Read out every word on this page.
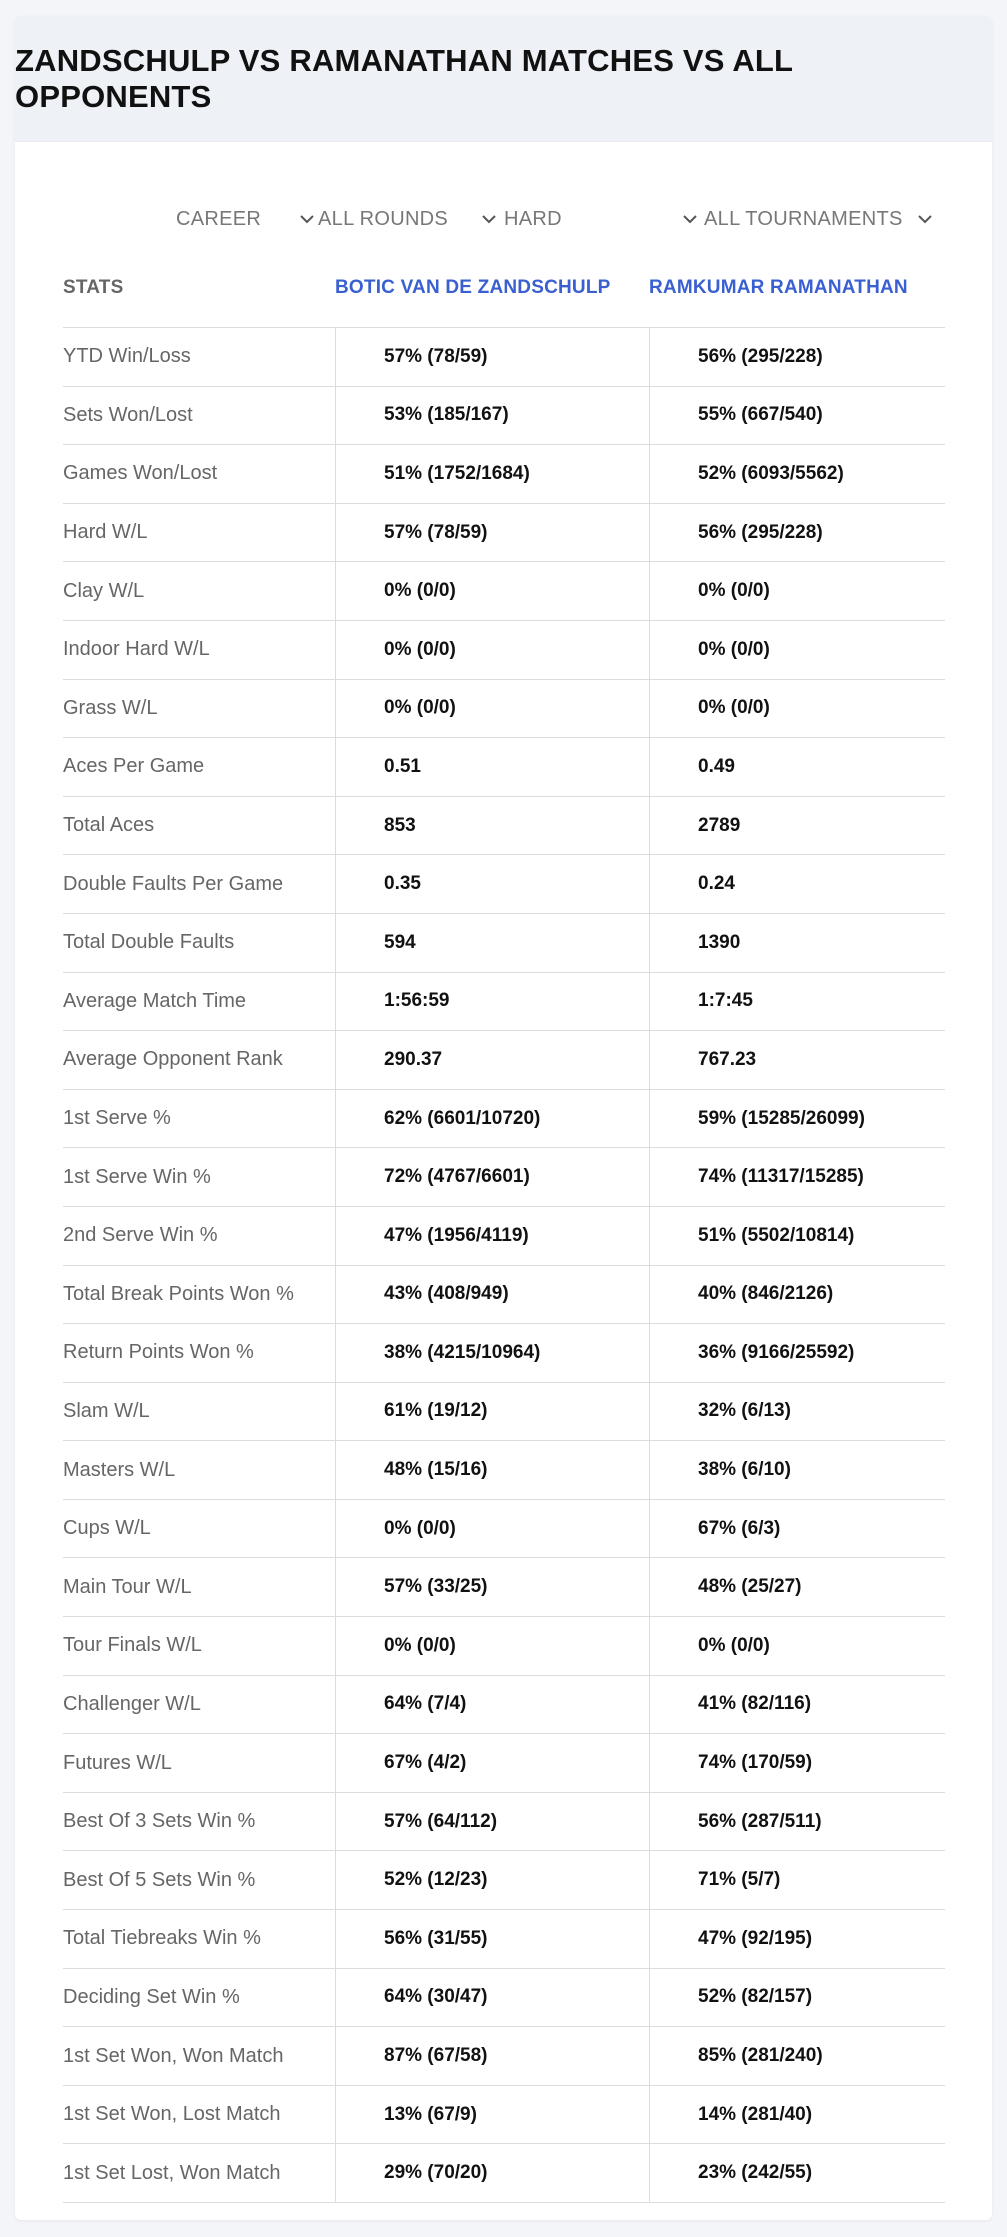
ZANDSCHULP VS RAMANATHAN MATCHES VS ALL OPPONENTS
CAREER	ALL ROUNDS	HARD	ALL TOURNAMENTS
STATS	BOTIC VAN DE ZANDSCHULP	RAMKUMAR RAMANATHAN
YTD Win/Loss	57% (78/59)	56% (295/228)
Sets Won/Lost	53% (185/167)	55% (667/540)
Games Won/Lost	51% (1752/1684)	52% (6093/5562)
Hard W/L	57% (78/59)	56% (295/228)
Clay W/L	0% (0/0)	0% (0/0)
Indoor Hard W/L	0% (0/0)	0% (0/0)
Grass W/L	0% (0/0)	0% (0/0)
Aces Per Game	0.51	0.49
Total Aces	853	2789
Double Faults Per Game	0.35	0.24
Total Double Faults	594	1390
Average Match Time	1:56:59	1:7:45
Average Opponent Rank	290.37	767.23
1st Serve %	62% (6601/10720)	59% (15285/26099)
1st Serve Win %	72% (4767/6601)	74% (11317/15285)
2nd Serve Win %	47% (1956/4119)	51% (5502/10814)
Total Break Points Won %	43% (408/949)	40% (846/2126)
Return Points Won %	38% (4215/10964)	36% (9166/25592)
Slam W/L	61% (19/12)	32% (6/13)
Masters W/L	48% (15/16)	38% (6/10)
Cups W/L	0% (0/0)	67% (6/3)
Main Tour W/L	57% (33/25)	48% (25/27)
Tour Finals W/L	0% (0/0)	0% (0/0)
Challenger W/L	64% (7/4)	41% (82/116)
Futures W/L	67% (4/2)	74% (170/59)
Best Of 3 Sets Win %	57% (64/112)	56% (287/511)
Best Of 5 Sets Win %	52% (12/23)	71% (5/7)
Total Tiebreaks Win %	56% (31/55)	47% (92/195)
Deciding Set Win %	64% (30/47)	52% (82/157)
1st Set Won, Won Match	87% (67/58)	85% (281/240)
1st Set Won, Lost Match	13% (67/9)	14% (281/40)
1st Set Lost, Won Match	29% (70/20)	23% (242/55)
